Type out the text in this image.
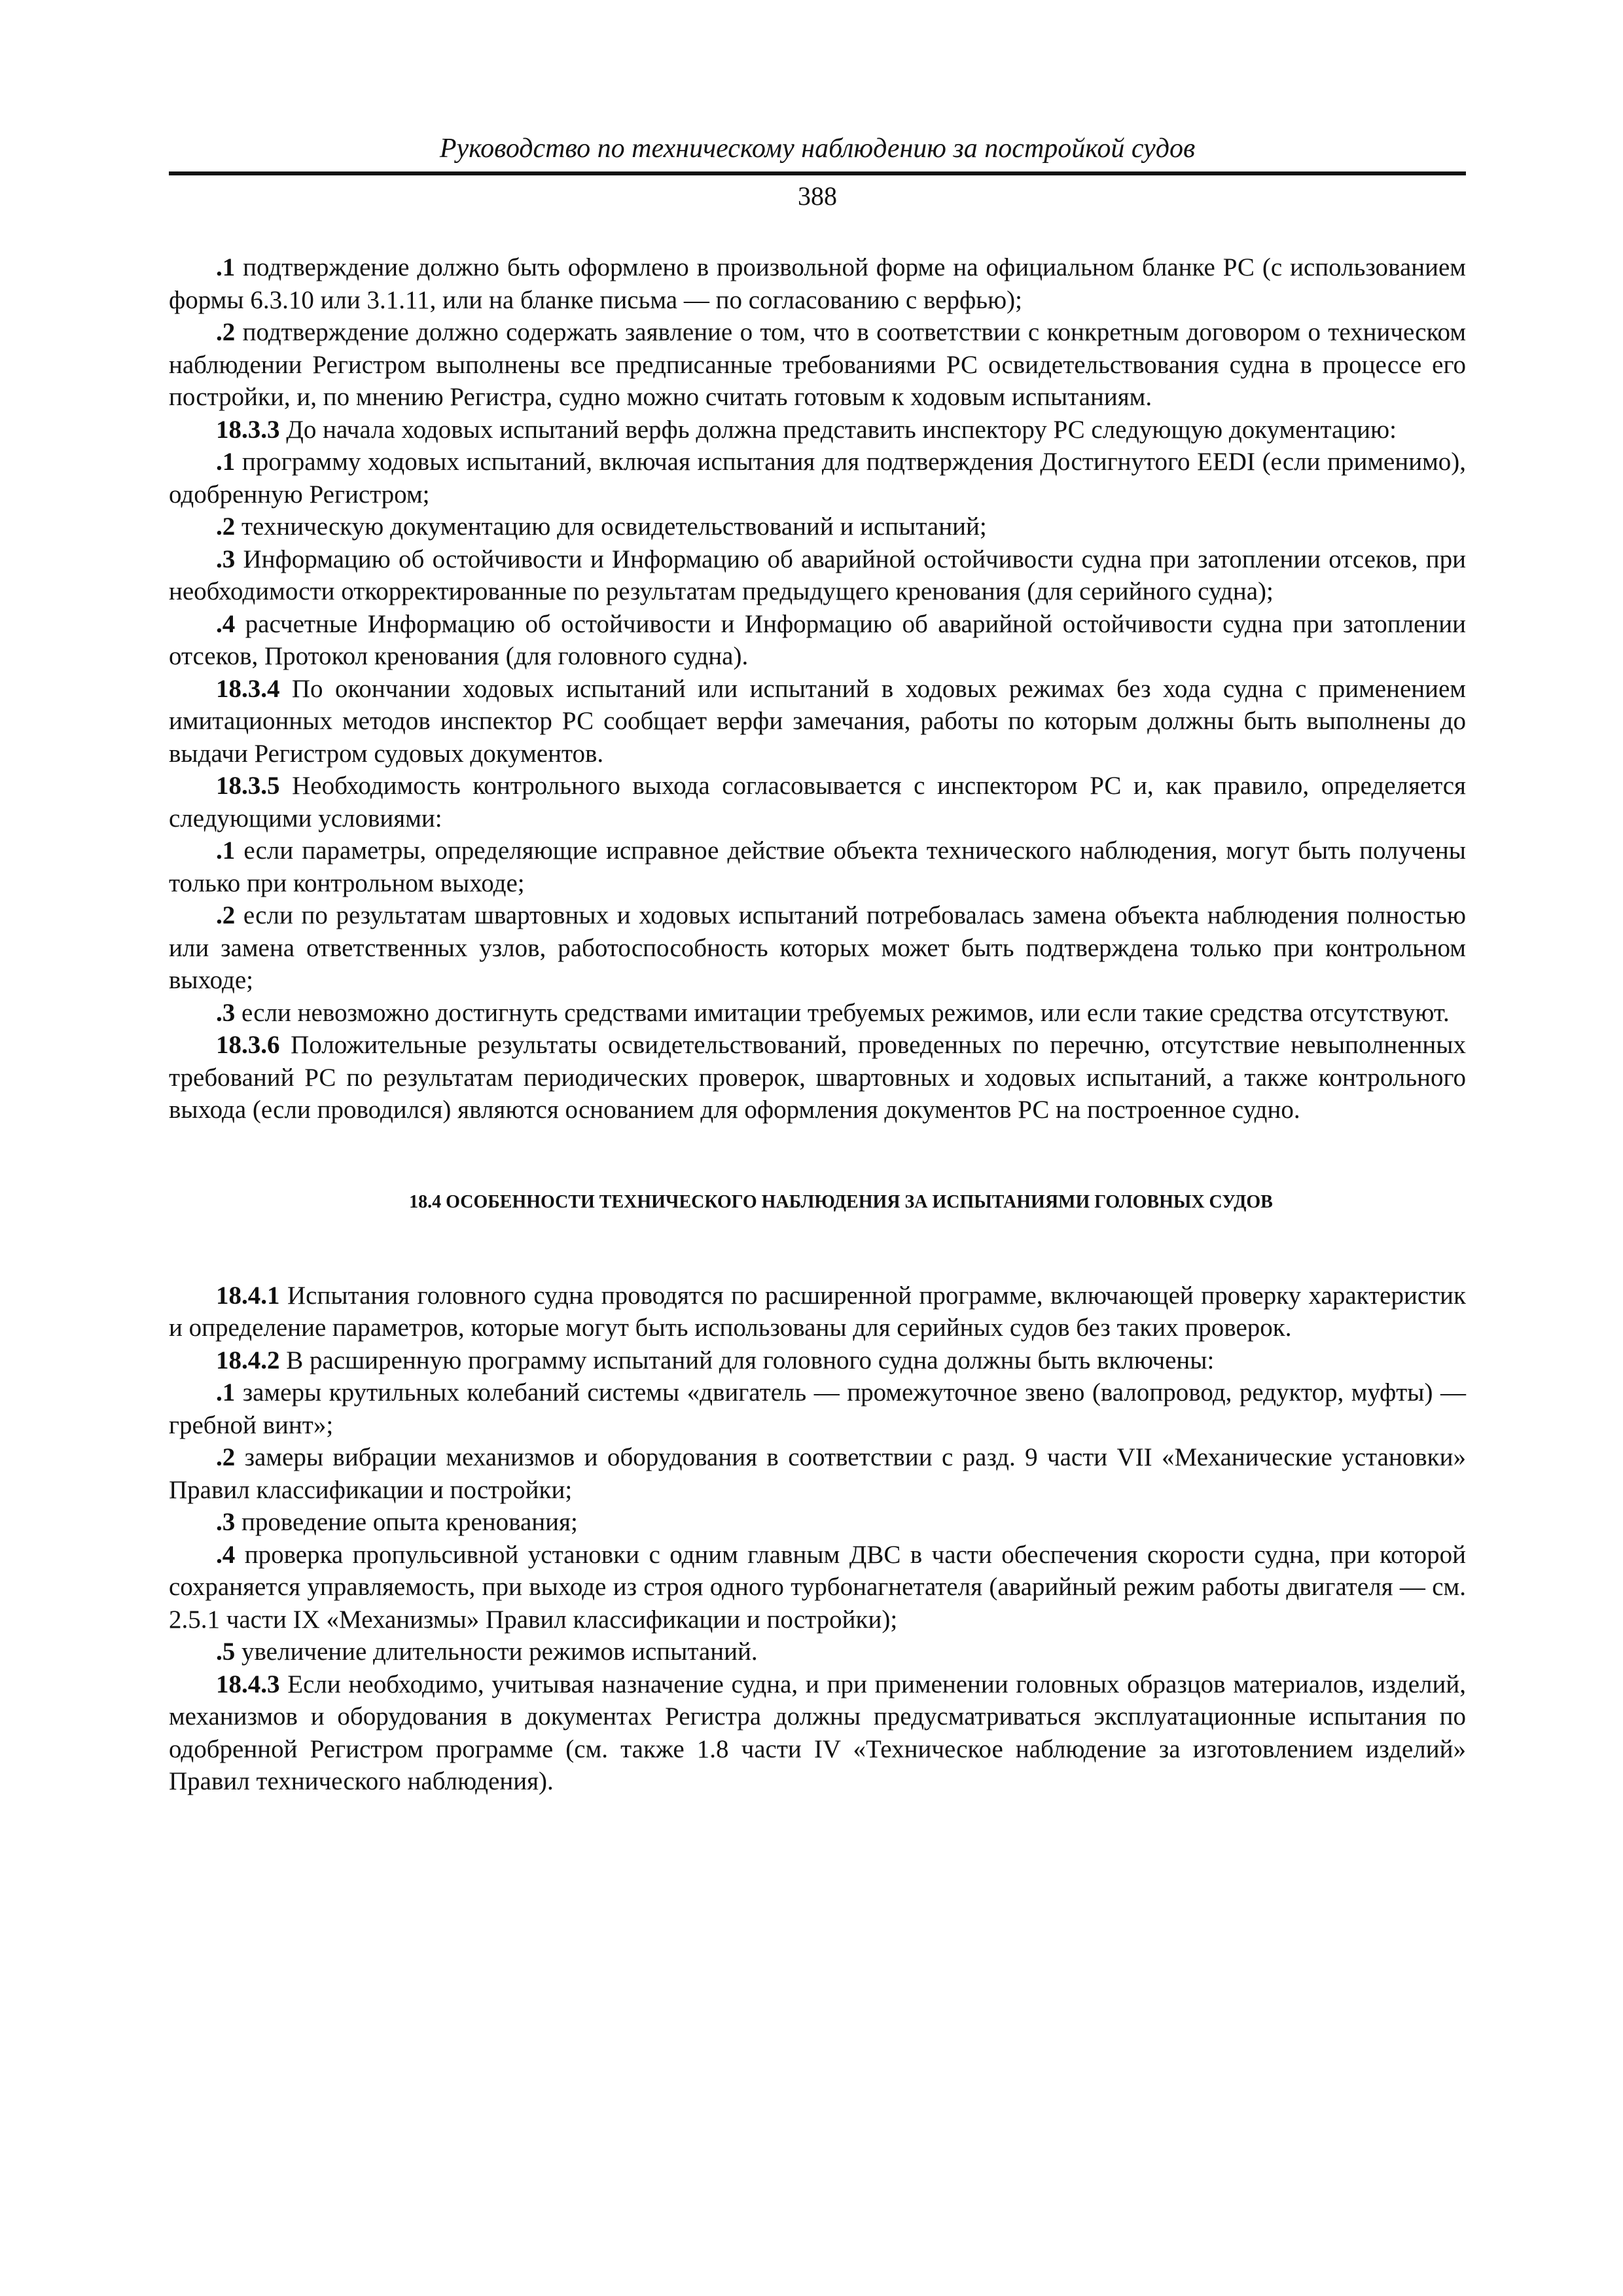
Руководство по техническому наблюдению за постройкой судов
388

.1 подтверждение должно быть оформлено в произвольной форме на официальном бланке РС (с использованием формы 6.3.10 или 3.1.11, или на бланке письма — по согласованию с верфью);

.2 подтверждение должно содержать заявление о том, что в соответствии с конкретным договором о техническом наблюдении Регистром выполнены все предписанные требованиями РС освидетельствования судна в процессе его постройки, и, по мнению Регистра, судно можно считать готовым к ходовым испытаниям.

18.3.3 До начала ходовых испытаний верфь должна представить инспектору РС следующую документацию:

.1 программу ходовых испытаний, включая испытания для подтверждения Достигнутого EEDI (если применимо), одобренную Регистром;

.2 техническую документацию для освидетельствований и испытаний;

.3 Информацию об остойчивости и Информацию об аварийной остойчивости судна при затоплении отсеков, при необходимости откорректированные по результатам предыдущего кренования (для серийного судна);

.4 расчетные Информацию об остойчивости и Информацию об аварийной остойчивости судна при затоплении отсеков, Протокол кренования (для головного судна).

18.3.4 По окончании ходовых испытаний или испытаний в ходовых режимах без хода судна с применением имитационных методов инспектор РС сообщает верфи замечания, работы по которым должны быть выполнены до выдачи Регистром судовых документов.

18.3.5 Необходимость контрольного выхода согласовывается с инспектором РС и, как правило, определяется следующими условиями:

.1 если параметры, определяющие исправное действие объекта технического наблюдения, могут быть получены только при контрольном выходе;

.2 если по результатам швартовных и ходовых испытаний потребовалась замена объекта наблюдения полностью или замена ответственных узлов, работоспособность которых может быть подтверждена только при контрольном выходе;

.3 если невозможно достигнуть средствами имитации требуемых режимов, или если такие средства отсутствуют.

18.3.6 Положительные результаты освидетельствований, проведенных по перечню, отсутствие невыполненных требований РС по результатам периодических проверок, швартовных и ходовых испытаний, а также контрольного выхода (если проводился) являются основанием для оформления документов РС на построенное судно.

18.4 ОСОБЕННОСТИ ТЕХНИЧЕСКОГО НАБЛЮДЕНИЯ ЗА ИСПЫТАНИЯМИ ГОЛОВНЫХ СУДОВ

18.4.1 Испытания головного судна проводятся по расширенной программе, включающей проверку характеристик и определение параметров, которые могут быть использованы для серийных судов без таких проверок.

18.4.2 В расширенную программу испытаний для головного судна должны быть включены:

.1 замеры крутильных колебаний системы «двигатель — промежуточное звено (валопровод, редуктор, муфты) — гребной винт»;

.2 замеры вибрации механизмов и оборудования в соответствии с разд. 9 части VII «Механические установки» Правил классификации и постройки;

.3 проведение опыта кренования;

.4 проверка пропульсивной установки с одним главным ДВС в части обеспечения скорости судна, при которой сохраняется управляемость, при выходе из строя одного турбонагнетателя (аварийный режим работы двигателя — см. 2.5.1 части IX «Механизмы» Правил классификации и постройки);

.5 увеличение длительности режимов испытаний.

18.4.3 Если необходимо, учитывая назначение судна, и при применении головных образцов материалов, изделий, механизмов и оборудования в документах Регистра должны предусматриваться эксплуатационные испытания по одобренной Регистром программе (см. также 1.8 части IV «Техническое наблюдение за изготовлением изделий» Правил технического наблюдения).
